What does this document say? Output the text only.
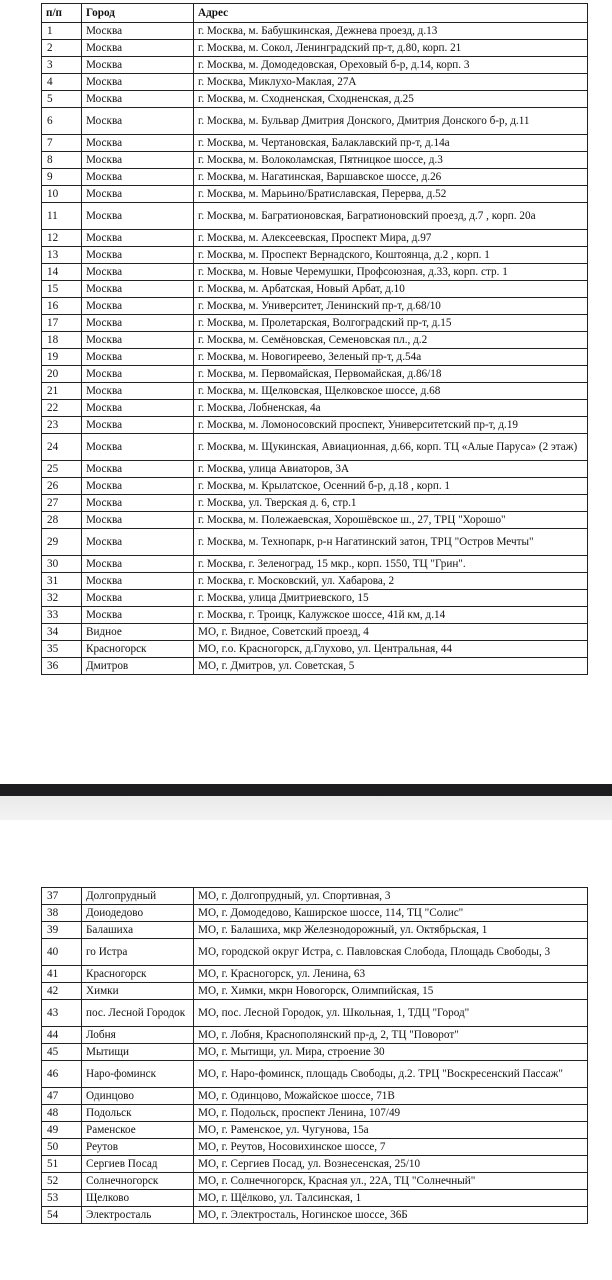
п/п	Город	Адрес
1	Москва	г. Москва, м. Бабушкинская, Дежнева проезд, д.13
2	Москва	г. Москва, м. Сокол, Ленинградский пр-т, д.80, корп. 21
3	Москва	г. Москва, м. Домодедовская, Ореховый б-р, д.14, корп. 3
4	Москва	г. Москва, Миклухо-Маклая, 27А
5	Москва	г. Москва, м. Сходненская, Сходненская, д.25
6	Москва	г. Москва, м. Бульвар Дмитрия Донского, Дмитрия Донского б-р, д.11
7	Москва	г. Москва, м. Чертановская, Балаклавский пр-т, д.14а
8	Москва	г. Москва, м. Волоколамская, Пятницкое шоссе, д.3
9	Москва	г. Москва, м. Нагатинская, Варшавское шоссе, д.26
10	Москва	г. Москва, м. Марьино/Братиславская, Перерва, д.52
11	Москва	г. Москва, м. Багратионовская, Багратионовский проезд, д.7 , корп. 20а
12	Москва	г. Москва, м. Алексеевская, Проспект Мира, д.97
13	Москва	г. Москва, м. Проспект Вернадского, Коштоянца, д.2 , корп. 1
14	Москва	г. Москва, м. Новые Черемушки, Профсоюзная, д.33, корп. стр. 1
15	Москва	г. Москва, м. Арбатская, Новый Арбат, д.10
16	Москва	г. Москва, м. Университет, Ленинский пр-т, д.68/10
17	Москва	г. Москва, м. Пролетарская, Волгоградский пр-т, д.15
18	Москва	г. Москва, м. Семёновская, Семеновская пл., д.2
19	Москва	г. Москва, м. Новогиреево, Зеленый пр-т, д.54а
20	Москва	г. Москва, м. Первомайская, Первомайская, д.86/18
21	Москва	г. Москва, м. Щелковская, Щелковское шоссе, д.68
22	Москва	г. Москва, Лобненская, 4а
23	Москва	г. Москва, м. Ломоносовский проспект, Университетский пр-т, д.19
24	Москва	г. Москва, м. Щукинская, Авиационная, д.66, корп. ТЦ «Алые Паруса» (2 этаж)
25	Москва	г. Москва, улица Авиаторов, 3А
26	Москва	г. Москва, м. Крылатское, Осенний б-р, д.18 , корп. 1
27	Москва	г. Москва, ул. Тверская д. 6, стр.1
28	Москва	г. Москва, м. Полежаевская, Хорошёвское ш., 27, ТРЦ "Хорошо"
29	Москва	г. Москва, м. Технопарк, р-н Нагатинский затон, ТРЦ "Остров Мечты"
30	Москва	г. Москва, г. Зеленоград, 15 мкр., корп. 1550, ТЦ "Грин".
31	Москва	г. Москва, г. Московский, ул. Хабарова, 2
32	Москва	г. Москва, улица Дмитриевского, 15
33	Москва	г. Москва, г. Троицк, Калужское шоссе, 41й км, д.14
34	Видное	МО, г. Видное, Советский проезд, 4
35	Красногорск	МО, г.о. Красногорск, д.Глухово, ул. Центральная, 44
36	Дмитров	МО, г. Дмитров, ул. Советская, 5
37	Долгопрудный	МО, г. Долгопрудный, ул. Спортивная, 3
38	Доиодедово	МО, г. Домодедово, Каширское шоссе, 114, ТЦ "Солис"
39	Балашиха	МО, г. Балашиха, мкр Железнодорожный, ул. Октябрьская, 1
40	го Истра	МО, городской округ Истра, с. Павловская Слобода, Площадь Свободы, 3
41	Красногорск	МО, г. Красногорск, ул. Ленина, 63
42	Химки	МО, г. Химки, мкрн Новогорск, Олимпийская, 15
43	пос. Лесной Городок	МО, пос. Лесной Городок, ул. Школьная, 1, ТДЦ "Город"
44	Лобня	МО, г. Лобня, Краснополянский пр-д, 2, ТЦ "Поворот"
45	Мытищи	МО, г. Мытищи, ул. Мира, строение 30
46	Наро-фоминск	МО, г. Наро-фоминск, площадь Свободы, д.2. ТРЦ "Воскресенский Пассаж"
47	Одинцово	МО, г. Одинцово, Можайское шоссе, 71В
48	Подольск	МО, г. Подольск, проспект Ленина, 107/49
49	Раменское	МО, г. Раменское, ул. Чугунова, 15а
50	Реутов	МО, г. Реутов, Носовихинское шоссе, 7
51	Сергиев Посад	МО, г. Сергиев Посад, ул. Вознесенская, 25/10
52	Солнечногорск	МО, г. Солнечногорск, Красная ул., 22А, ТЦ "Солнечный"
53	Щелково	МО, г. Щёлково, ул. Талсинская, 1
54	Электросталь	МО, г. Электросталь, Ногинское шоссе, 36Б
